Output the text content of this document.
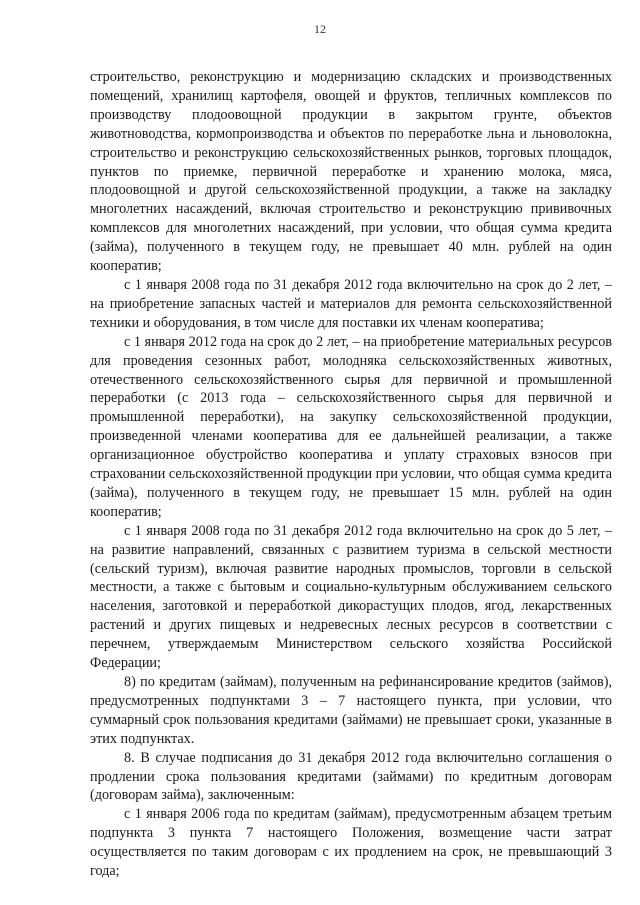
12

строительство, реконструкцию и модернизацию складских и производственных помещений, хранилищ картофеля, овощей и фруктов, тепличных комплексов по производству плодоовощной продукции в закрытом грунте, объектов животноводства, кормопроизводства и объектов по переработке льна и льноволокна, строительство и реконструкцию сельскохозяйственных рынков, торговых площадок, пунктов по приемке, первичной переработке и хранению молока, мяса, плодоовощной и другой сельскохозяйственной продукции, а также на закладку многолетних насаждений, включая строительство и реконструкцию прививочных комплексов для многолетних насаждений, при условии, что общая сумма кредита (займа), полученного в текущем году, не превышает 40 млн. рублей на один кооператив;

с 1 января 2008 года по 31 декабря 2012 года включительно на срок до 2 лет, – на приобретение запасных частей и материалов для ремонта сельскохозяйственной техники и оборудования, в том числе для поставки их членам кооператива;

с 1 января 2012 года на срок до 2 лет, – на приобретение материальных ресурсов для проведения сезонных работ, молодняка сельскохозяйственных животных, отечественного сельскохозяйственного сырья для первичной и промышленной переработки (с 2013 года – сельскохозяйственного сырья для первичной и промышленной переработки), на закупку сельскохозяйственной продукции, произведенной членами кооператива для ее дальнейшей реализации, а также организационное обустройство кооператива и уплату страховых взносов при страховании сельскохозяйственной продукции при условии, что общая сумма кредита (займа), полученного в текущем году, не превышает 15 млн. рублей на один кооператив;

с 1 января 2008 года по 31 декабря 2012 года включительно на срок до 5 лет, – на развитие направлений, связанных с развитием туризма в сельской местности (сельский туризм), включая развитие народных промыслов, торговли в сельской местности, а также с бытовым и социально-культурным обслуживанием сельского населения, заготовкой и переработкой дикорастущих плодов, ягод, лекарственных растений и других пищевых и недревесных лесных ресурсов в соответствии с перечнем, утверждаемым Министерством сельского хозяйства Российской Федерации;

8) по кредитам (займам), полученным на рефинансирование кредитов (займов), предусмотренных подпунктами 3 – 7 настоящего пункта, при условии, что суммарный срок пользования кредитами (займами) не превышает сроки, указанные в этих подпунктах.

8. В случае подписания до 31 декабря 2012 года включительно соглашения о продлении срока пользования кредитами (займами) по кредитным договорам (договорам займа), заключенным:

с 1 января 2006 года по кредитам (займам), предусмотренным абзацем третьим подпункта 3 пункта 7 настоящего Положения, возмещение части затрат осуществляется по таким договорам с их продлением на срок, не превышающий 3 года;
